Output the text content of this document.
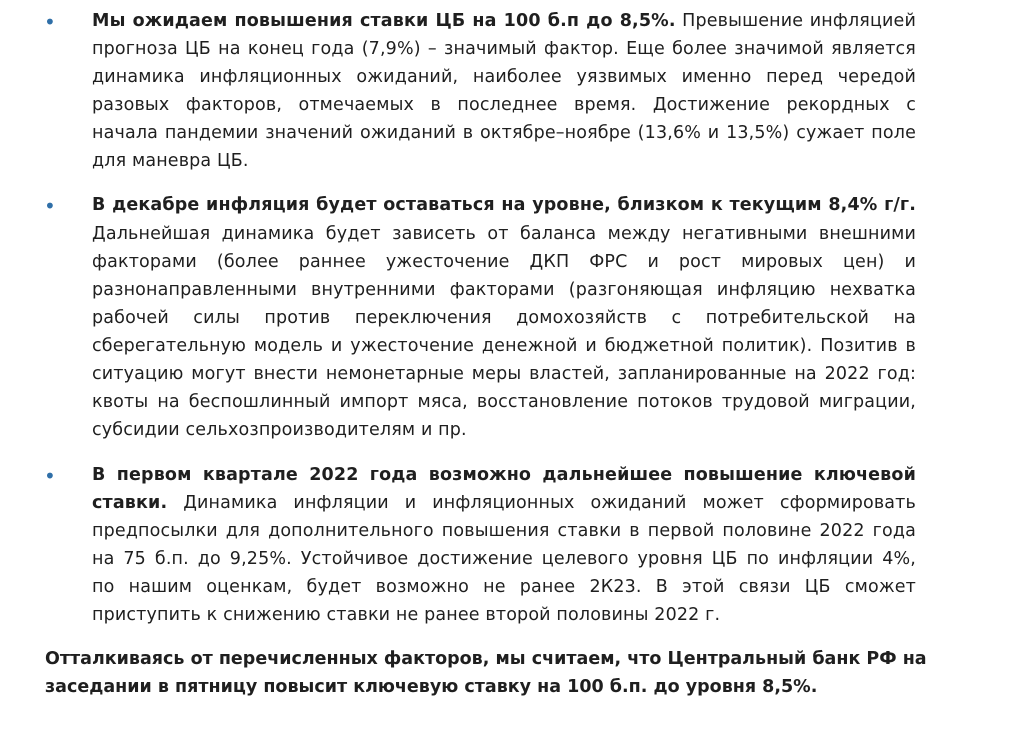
• Мы ожидаем повышения ставки ЦБ на 100 б.п до 8,5%. Превышение инфляцией
прогноза ЦБ на конец года (7,9%) – значимый фактор. Еще более значимой является
динамика инфляционных ожиданий, наиболее уязвимых именно перед чередой
разовых факторов, отмечаемых в последнее время. Достижение рекордных с
начала пандемии значений ожиданий в октябре–ноябре (13,6% и 13,5%) сужает поле
для маневра ЦБ.
• В декабре инфляция будет оставаться на уровне, близком к текущим 8,4% г/г.
Дальнейшая динамика будет зависеть от баланса между негативными внешними
факторами (более раннее ужесточение ДКП ФРС и рост мировых цен) и
разнонаправленными внутренними факторами (разгоняющая инфляцию нехватка
рабочей силы против переключения домохозяйств с потребительской на
сберегательную модель и ужесточение денежной и бюджетной политик). Позитив в
ситуацию могут внести немонетарные меры властей, запланированные на 2022 год:
квоты на беспошлинный импорт мяса, восстановление потоков трудовой миграции,
субсидии сельхозпроизводителям и пр.
• В первом квартале 2022 года возможно дальнейшее повышение ключевой
ставки. Динамика инфляции и инфляционных ожиданий может сформировать
предпосылки для дополнительного повышения ставки в первой половине 2022 года
на 75 б.п. до 9,25%. Устойчивое достижение целевого уровня ЦБ по инфляции 4%,
по нашим оценкам, будет возможно не ранее 2К23. В этой связи ЦБ сможет
приступить к снижению ставки не ранее второй половины 2022 г.
Отталкиваясь от перечисленных факторов, мы считаем, что Центральный банк РФ на
заседании в пятницу повысит ключевую ставку на 100 б.п. до уровня 8,5%.
